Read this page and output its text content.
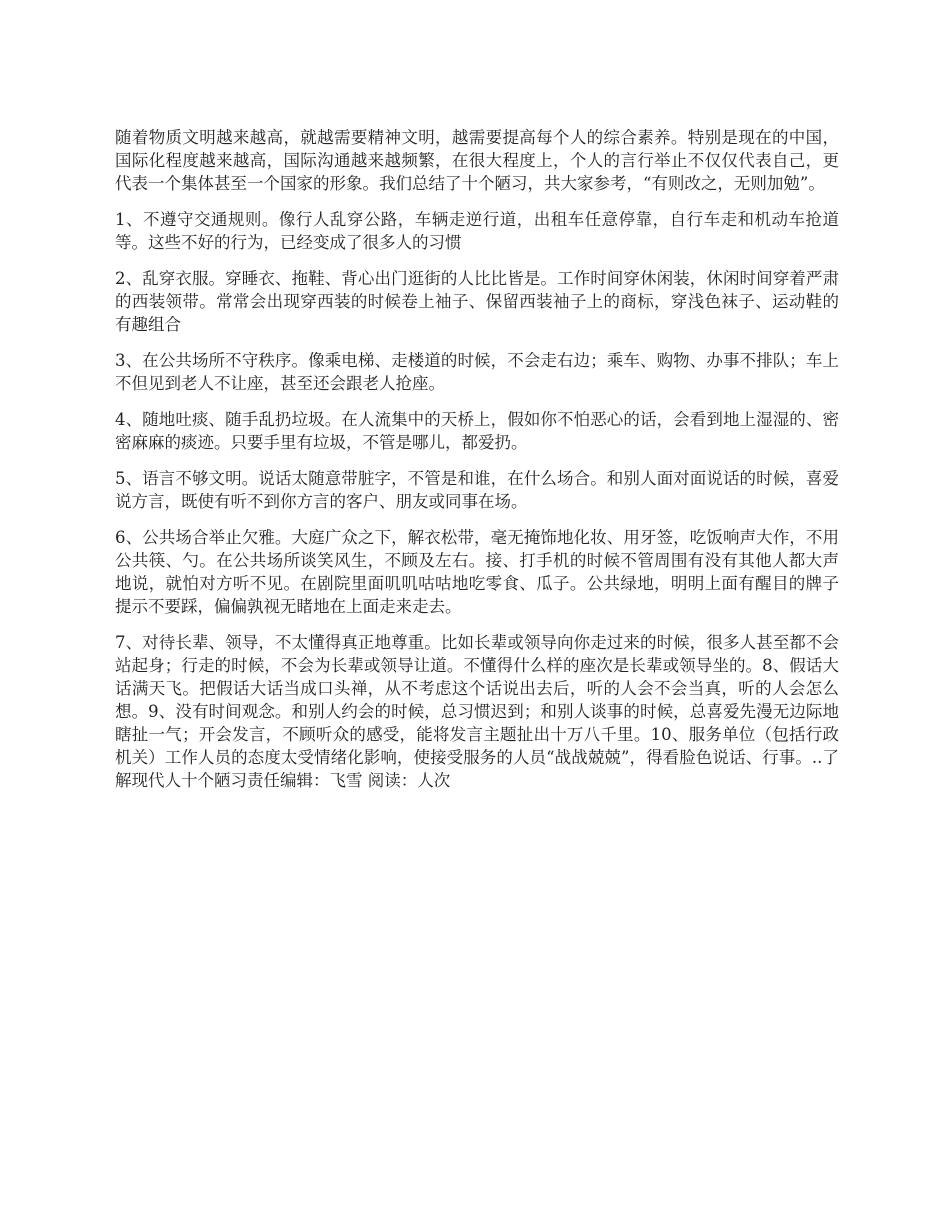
随着物质文明越来越高，就越需要精神文明，越需要提高每个人的综合素养。特别是现在的中国，国际化程度越来越高，国际沟通越来越频繁，在很大程度上，个人的言行举止不仅仅代表自己，更代表一个集体甚至一个国家的形象。我们总结了十个陋习，共大家参考，“有则改之，无则加勉”。

1、不遵守交通规则。像行人乱穿公路，车辆走逆行道，出租车任意停靠，自行车走和机动车抢道等。这些不好的行为，已经变成了很多人的习惯

2、乱穿衣服。穿睡衣、拖鞋、背心出门逛街的人比比皆是。工作时间穿休闲装，休闲时间穿着严肃的西装领带。常常会出现穿西装的时候卷上袖子、保留西装袖子上的商标，穿浅色袜子、运动鞋的有趣组合

3、在公共场所不守秩序。像乘电梯、走楼道的时候，不会走右边；乘车、购物、办事不排队；车上不但见到老人不让座，甚至还会跟老人抢座。

4、随地吐痰、随手乱扔垃圾。在人流集中的天桥上，假如你不怕恶心的话，会看到地上湿湿的、密密麻麻的痰迹。只要手里有垃圾，不管是哪儿，都爱扔。

5、语言不够文明。说话太随意带脏字，不管是和谁，在什么场合。和别人面对面说话的时候，喜爱说方言，既使有听不到你方言的客户、朋友或同事在场。

6、公共场合举止欠雅。大庭广众之下，解衣松带，毫无掩饰地化妆、用牙签，吃饭响声大作，不用公共筷、勺。在公共场所谈笑风生，不顾及左右。接、打手机的时候不管周围有没有其他人都大声地说，就怕对方听不见。在剧院里面叽叽咕咕地吃零食、瓜子。公共绿地，明明上面有醒目的牌子提示不要踩，偏偏孰视无睹地在上面走来走去。

7、对待长辈、领导，不太懂得真正地尊重。比如长辈或领导向你走过来的时候，很多人甚至都不会站起身；行走的时候，不会为长辈或领导让道。不懂得什么样的座次是长辈或领导坐的。8、假话大话满天飞。把假话大话当成口头禅，从不考虑这个话说出去后，听的人会不会当真，听的人会怎么想。9、没有时间观念。和别人约会的时候，总习惯迟到；和别人谈事的时候，总喜爱先漫无边际地瞎扯一气；开会发言，不顾听众的感受，能将发言主题扯出十万八千里。10、服务单位（包括行政机关）工作人员的态度太受情绪化影响，使接受服务的人员“战战兢兢”，得看脸色说话、行事。..了解现代人十个陋习责任编辑：飞雪 阅读：人次
